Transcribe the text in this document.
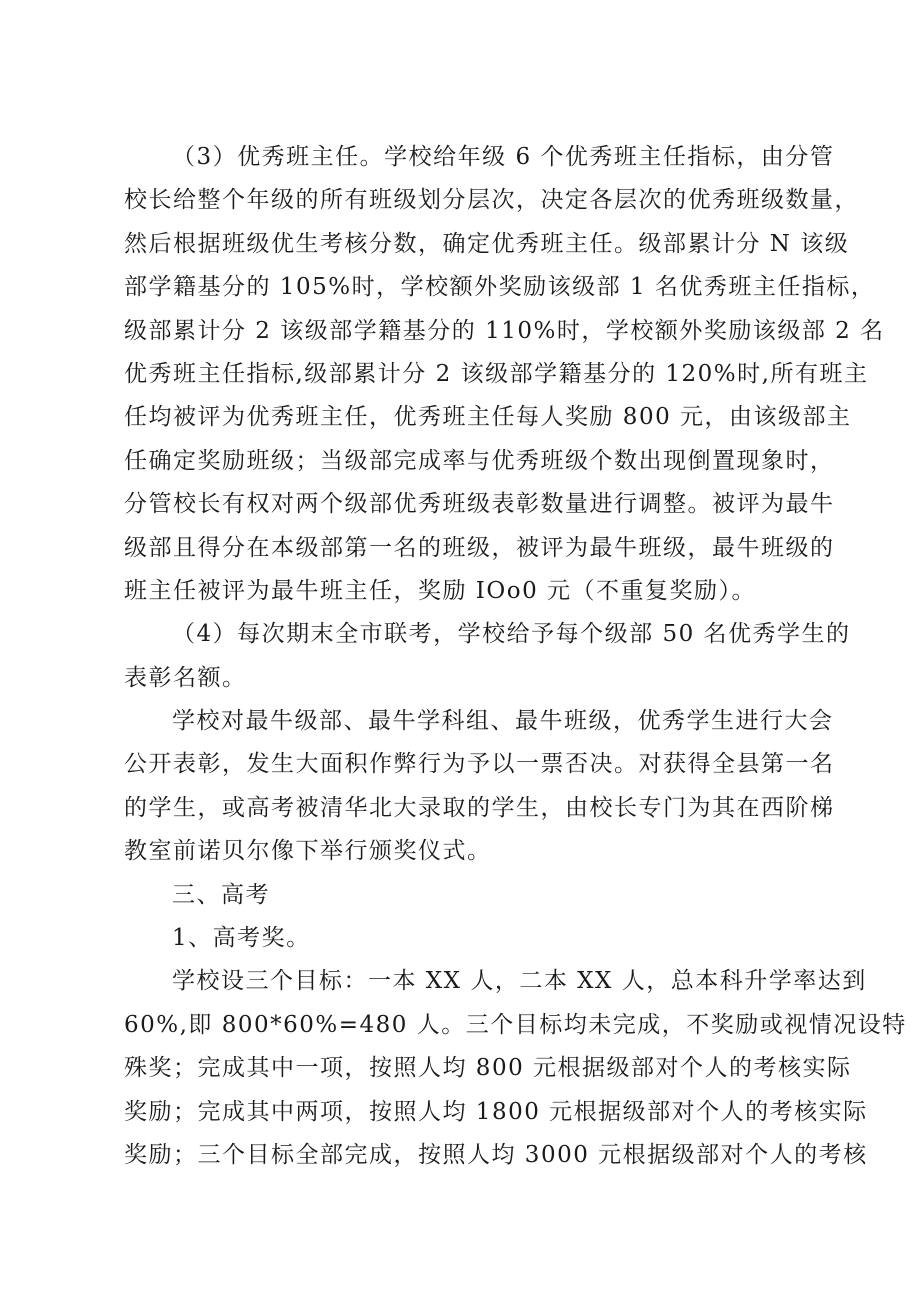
（3）优秀班主任。学校给年级 6 个优秀班主任指标，由分管
校长给整个年级的所有班级划分层次，决定各层次的优秀班级数量，
然后根据班级优生考核分数，确定优秀班主任。级部累计分 N 该级
部学籍基分的 105%时，学校额外奖励该级部 1 名优秀班主任指标，
级部累计分 2 该级部学籍基分的 110%时，学校额外奖励该级部 2 名
优秀班主任指标,级部累计分 2 该级部学籍基分的 120%时,所有班主
任均被评为优秀班主任，优秀班主任每人奖励 800 元，由该级部主
任确定奖励班级；当级部完成率与优秀班级个数出现倒置现象时，
分管校长有权对两个级部优秀班级表彰数量进行调整。被评为最牛
级部且得分在本级部第一名的班级，被评为最牛班级，最牛班级的
班主任被评为最牛班主任，奖励 IOo0 元（不重复奖励）。
（4）每次期末全市联考，学校给予每个级部 50 名优秀学生的
表彰名额。
学校对最牛级部、最牛学科组、最牛班级，优秀学生进行大会
公开表彰，发生大面积作弊行为予以一票否决。对获得全县第一名
的学生，或高考被清华北大录取的学生，由校长专门为其在西阶梯
教室前诺贝尔像下举行颁奖仪式。
三、高考
1、高考奖。
学校设三个目标：一本 XX 人，二本 XX 人，总本科升学率达到
60%,即 800*60%=480 人。三个目标均未完成，不奖励或视情况设特
殊奖；完成其中一项，按照人均 800 元根据级部对个人的考核实际
奖励；完成其中两项，按照人均 1800 元根据级部对个人的考核实际
奖励；三个目标全部完成，按照人均 3000 元根据级部对个人的考核
